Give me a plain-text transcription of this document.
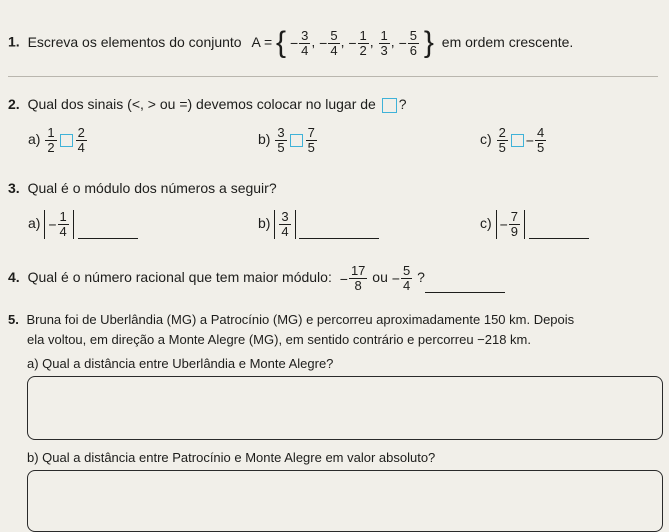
1. Escreva os elementos do conjunto A = { − $\frac{3}{4}$ , − $\frac{5}{4}$ , − $\frac{1}{2}$ , $\frac{1}{3}$ , − $\frac{5}{6}$ } em ordem crescente.
2. Qual dos sinais (<, > ou =) devemos colocar no lugar de ?
$a) \frac{1}{2} \frac{2}{4}$	$b) \frac{3}{5} \frac{7}{5}$	$c) \frac{2}{5} - \frac{4}{5}$
3. Qual é o módulo dos números a seguir?
$a) - \frac{1}{4}$
	$b) \frac{3}{4}$
	$c) - \frac{7}{9}$

4. Qual é o número racional que tem maior módulo: − $\frac{17}{8}$ ou − $\frac{5}{4}$ ?
5. Bruna foi de Uberlândia (MG) a Patrocínio (MG) e percorreu aproximadamente 150 km. Depois
ela voltou, em direção a Monte Alegre (MG), em sentido contrário e percorreu −218 km.
a) Qual a distância entre Uberlândia e Monte Alegre?
b) Qual a distância entre Patrocínio e Monte Alegre em valor absoluto?
